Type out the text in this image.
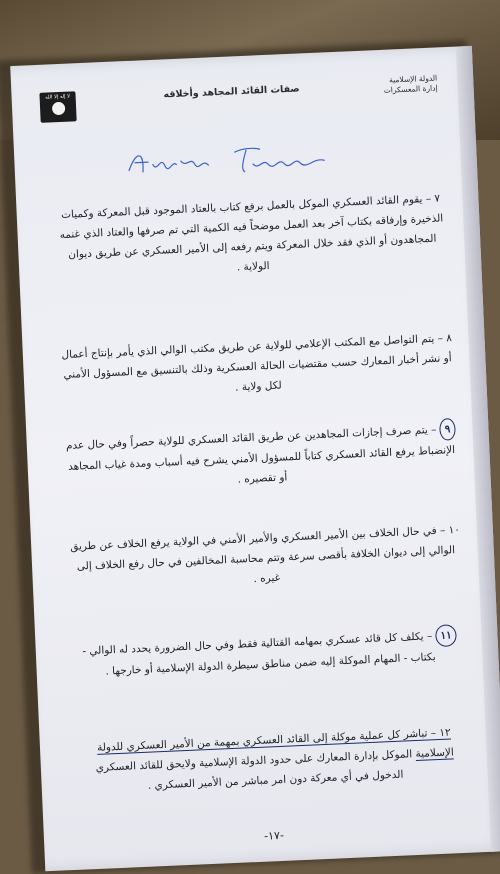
لا إله إلا الله	صفات القائد المجاهد وأخلاقه
الدولة الإسلامية
إدارة المعسكرات

٧ – يقوم القائد العسكري الموكل بالعمل برفع كتاب بالعتاد الموجود قبل المعركة وكميات الذخيرة وإرفاقه بكتاب آخر بعد العمل موضحاً فيه الكمية التي تم صرفها والعتاد الذي غنمه المجاهدون أو الذي فقد خلال المعركة ويتم رفعه إلى الأمير العسكري عن طريق ديوان الولاية .

٨ – يتم التواصل مع المكتب الإعلامي للولاية عن طريق مكتب الوالي الذي يأمر بإنتاج أعمال أو نشر أخبار المعارك حسب مقتضيات الحالة العسكرية وذلك بالتنسيق مع المسؤول الأمني لكل ولاية .

٩ – يتم صرف إجازات المجاهدين عن طريق القائد العسكري للولاية حصراً وفي حال عدم الإنضباط يرفع القائد العسكري كتاباً للمسؤول الأمني يشرح فيه أسباب ومدة غياب المجاهد أو تقصيره .

١٠ – في حال الخلاف بين الأمير العسكري والأمير الأمني في الولاية يرفع الخلاف عن طريق الوالي إلى ديوان الخلافة بأقصى سرعة وتتم محاسبة المخالفين في حال رفع الخلاف إلى غيره .

١١ – يكلف كل قائد عسكري بمهامه القتالية فقط وفي حال الضرورة يحدد له الوالي - بكتاب - المهام الموكلة إليه ضمن مناطق سيطرة الدولة الإسلامية أو خارجها .

١٢ – تباشر كل عملية موكلة إلى القائد العسكري بمهمة من الأمير العسكري للدولة الإسلامية الموكل بإدارة المعارك على حدود الدولة الإسلامية ولايحق للقائد العسكري الدخول في أي معركة دون امر مباشر من الأمير العسكري .

-١٧-
